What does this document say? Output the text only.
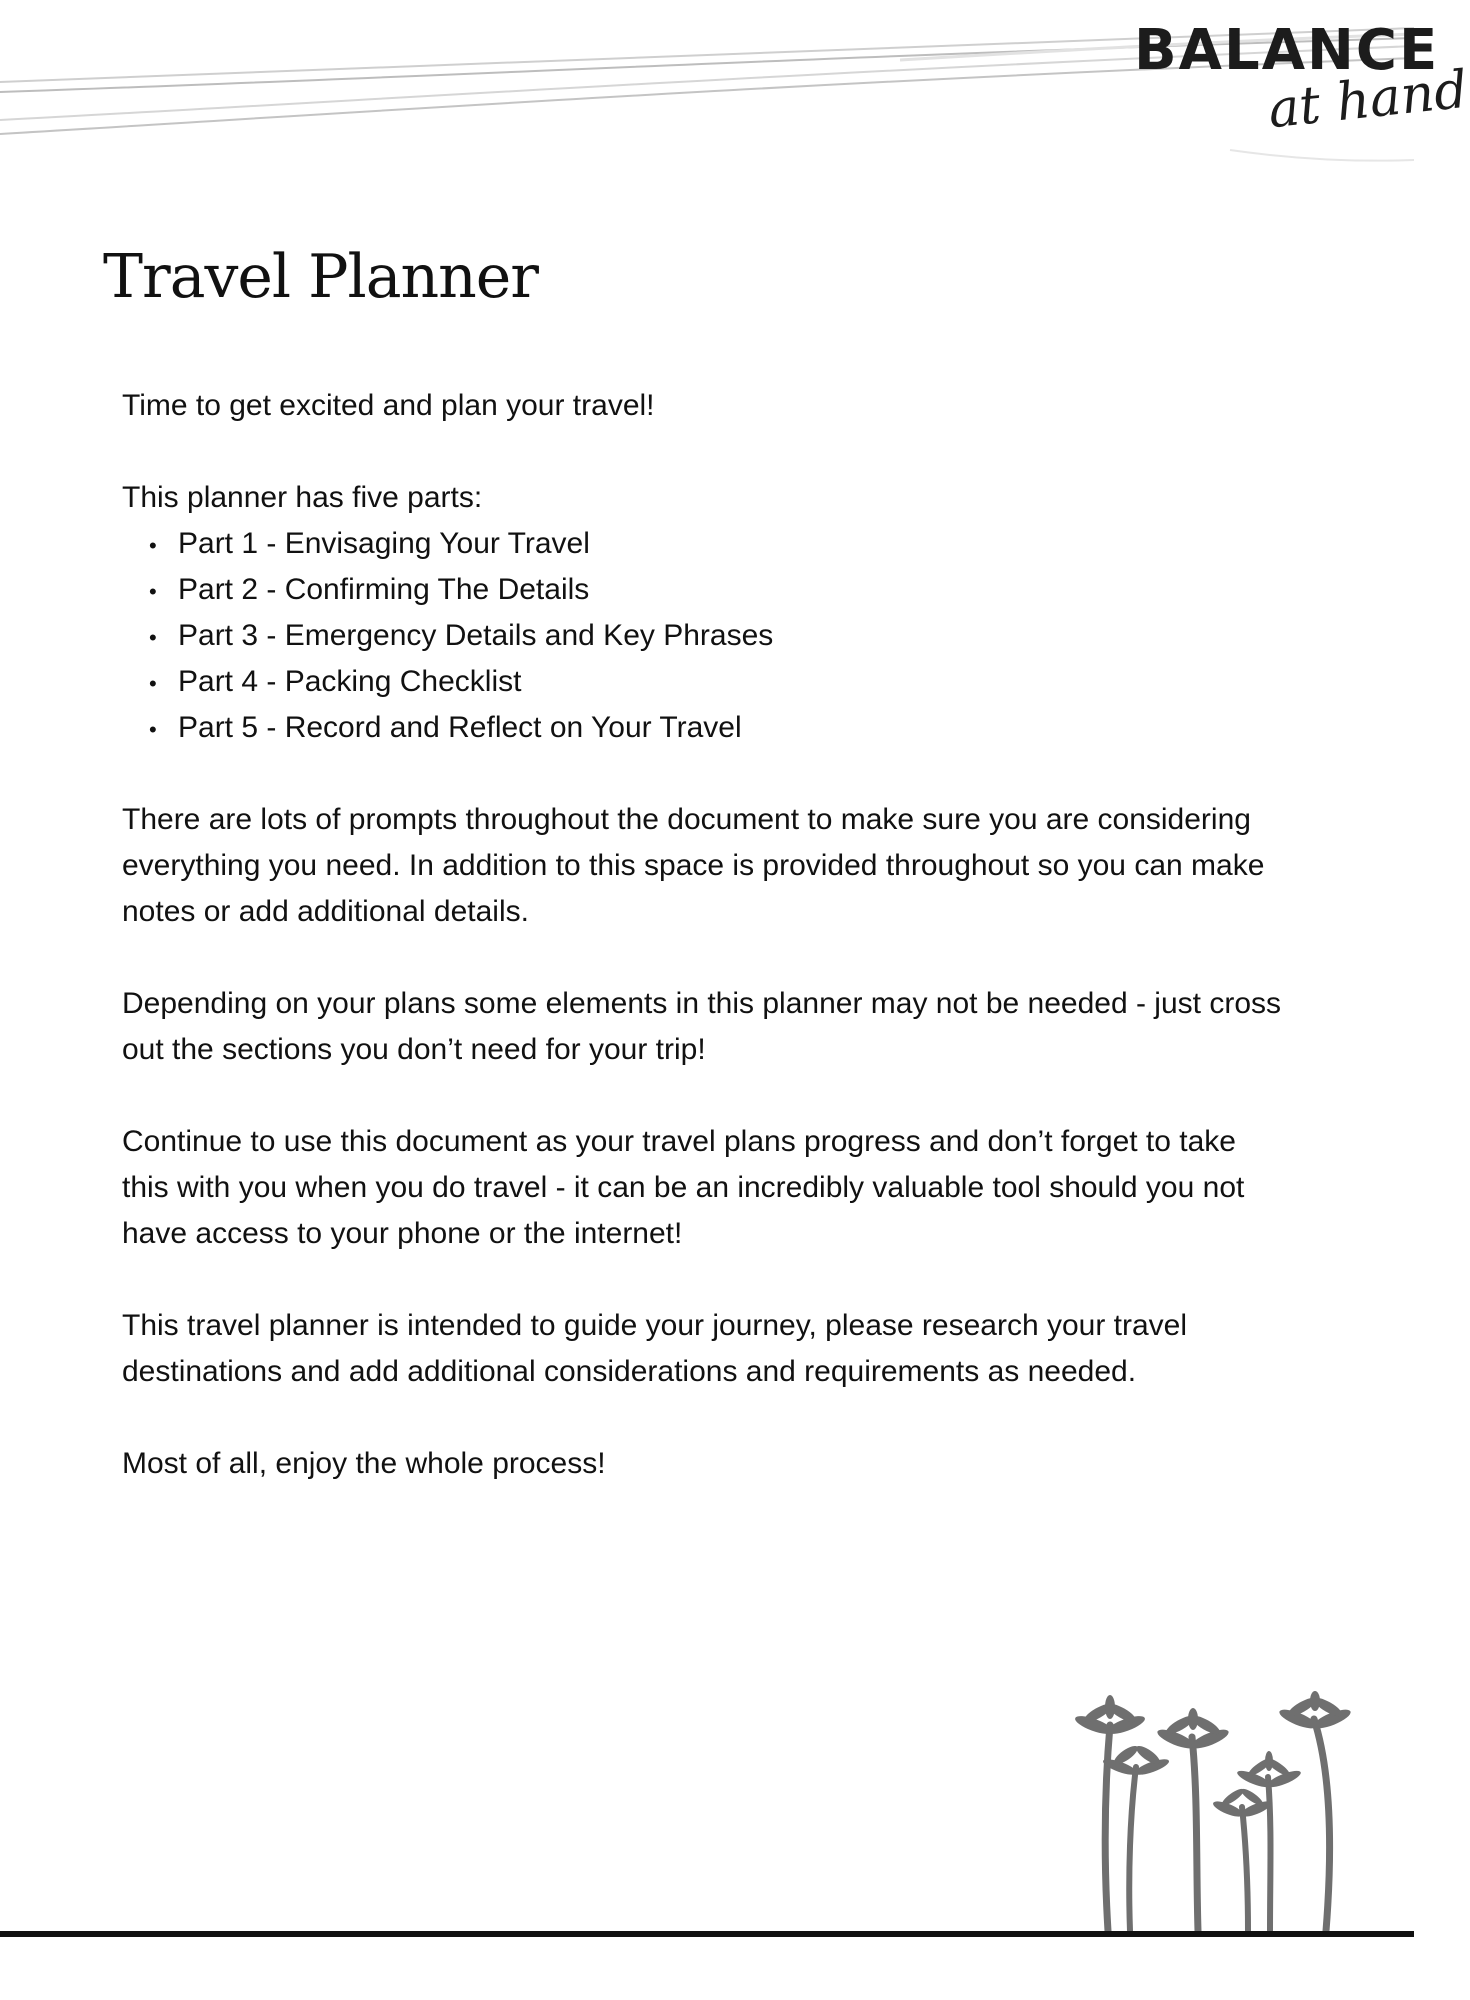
BALANCE
at hand
Travel Planner

Time to get excited and plan your travel!

This planner has five parts:

• Part 1 - Envisaging Your Travel
• Part 2 - Confirming The Details
• Part 3 - Emergency Details and Key Phrases
• Part 4 - Packing Checklist
• Part 5 - Record and Reflect on Your Travel

There are lots of prompts throughout the document to make sure you are considering everything you need. In addition to this space is provided throughout so you can make notes or add additional details.

Depending on your plans some elements in this planner may not be needed - just cross out the sections you don’t need for your trip!

Continue to use this document as your travel plans progress and don’t forget to take this with you when you do travel - it can be an incredibly valuable tool should you not have access to your phone or the internet!

This travel planner is intended to guide your journey, please research your travel destinations and add additional considerations and requirements as needed.

Most of all, enjoy the whole process!
